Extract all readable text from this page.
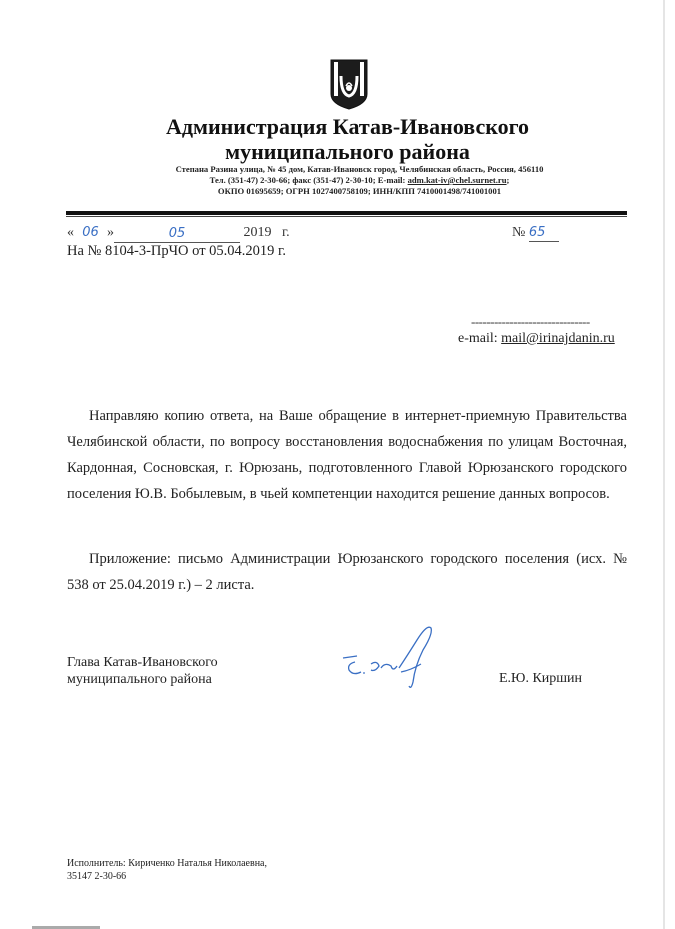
Администрация Катав-Ивановского
муниципального района
Степана Разина улица, № 45 дом, Катав-Ивановск город, Челябинская область, Россия, 456110
Тел. (351-47) 2-30-66; факс (351-47) 2-30-10; E-mail: adm.kat-iv@chel.surnet.ru;
ОКПО 01695659; ОГРН 1027400758109; ИНН/КПП 7410001498/741001001
« 06 »	05	2019 г.	№ 65
На № 8104-3-ПрЧО от 05.04.2019 г.
-------------------------------
e-mail: mail@irinajdanin.ru
Направляю копию ответа, на Ваше обращение в интернет-приемную Правительства Челябинской области, по вопросу восстановления водоснабжения по улицам Восточная, Кардонная, Сосновская, г. Юрюзань, подготовленного Главой Юрюзанского городского поселения Ю.В. Бобылевым, в чьей компетенции находится решение данных вопросов.
Приложение: письмо Администрации Юрюзанского городского поселения (исх. № 538 от 25.04.2019 г.) – 2 листа.
Глава Катав-Ивановского
муниципального района	Е.Ю. Киршин
Исполнитель: Кириченко Наталья Николаевна,
35147 2-30-66
